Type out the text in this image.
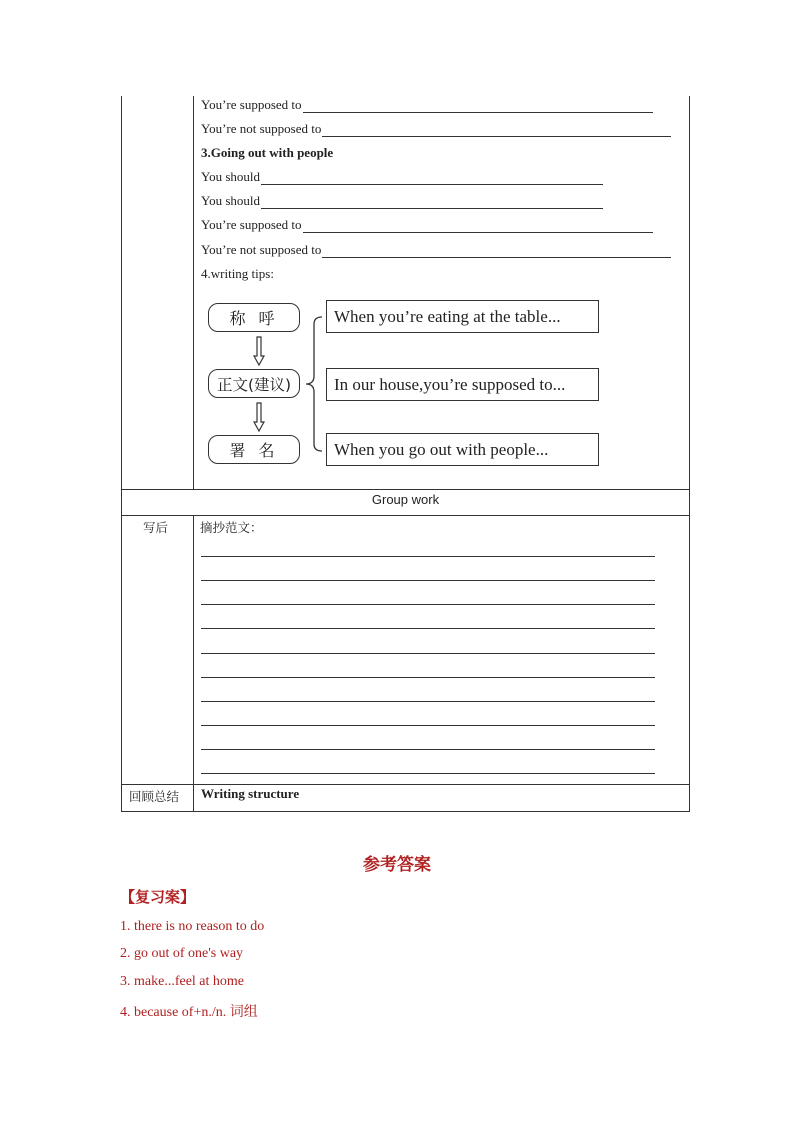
You’re supposed to
You’re not supposed to
3.Going out with people
You should
You should
You’re supposed to
You’re not supposed to
4.writing tips:
称 呼
正文(建议)
署 名
When you’re eating at the table...
In our house,you’re supposed to...
When you go out with people...
Group work
写后	摘抄范文：
回顾总结 Writing structure
参考答案
【复习案】
1. there is no reason to do
2. go out of one's way
3. make...feel at home
4. because of+n./n. 词组
